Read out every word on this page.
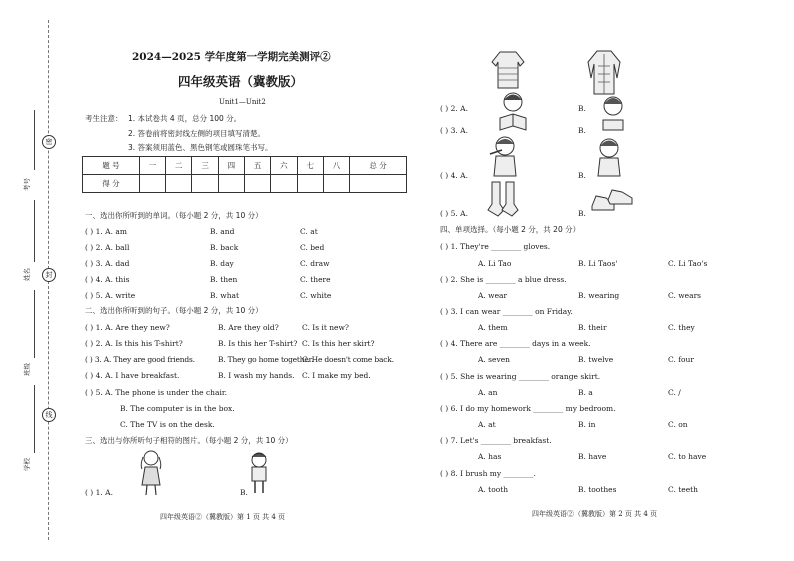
考号
姓名
班级
学校
密
封
线
2024—2025 学年度第一学期完美测评②
四年级英语（冀教版）
Unit1—Unit2
考生注意： 1. 本试卷共 4 页，总分 100 分。
2. 答卷前将密封线左侧的项目填写清楚。
3. 答案须用蓝色、黑色钢笔或圆珠笔书写。
题 号	一	二	三	四	五	六	七	八	总 分
得 分									
一、选出你所听到的单词。（每小题 2 分，共 10 分）
( ) 1. A. am	B. and	C. at
( ) 2. A. ball	B. back	C. bed
( ) 3. A. dad	B. day	C. draw
( ) 4. A. this	B. then	C. there
( ) 5. A. write	B. what	C. white
二、选出你所听到的句子。（每小题 2 分，共 10 分）
( ) 1. A. Are they new?	B. Are they old?	C. Is it new?
( ) 2. A. Is this his T-shirt?	B. Is this her T-shirt? C. Is this her skirt?
( ) 3. A. They are good friends.	B. They go home together.
C. He doesn't come back.
( ) 4. A. I have breakfast.	B. I wash my hands. C. I make my bed.
( ) 5. A. The phone is under the chair.
B. The computer is in the box.
C. The TV is on the desk.
三、选出与你所听句子相符的图片。（每小题 2 分，共 10 分）
( ) 1. A.	B.
( ) 2. A.	B.
( ) 3. A.	B.
( ) 4. A.	B.
( ) 5. A.	B.
四、单项选择。（每小题 2 分，共 20 分）
( ) 1. They're ________ gloves.
A. Li Tao	B. Li Taos'	C. Li Tao's
( ) 2. She is ________ a blue dress.
A. wear	B. wearing	C. wears
( ) 3. I can wear ________ on Friday.
A. them	B. their	C. they
( ) 4. There are ________ days in a week.
A. seven	B. twelve	C. four
( ) 5. She is wearing ________ orange skirt.
A. an	B. a	C. /
( ) 6. I do my homework ________ my bedroom.
A. at	B. in	C. on
( ) 7. Let's ________ breakfast.
A. has	B. have	C. to have
( ) 8. I brush my ________.
A. tooth	B. toothes	C. teeth
四年级英语②（冀教版）第 1 页 共 4 页	四年级英语②（冀教版）第 2 页 共 4 页
